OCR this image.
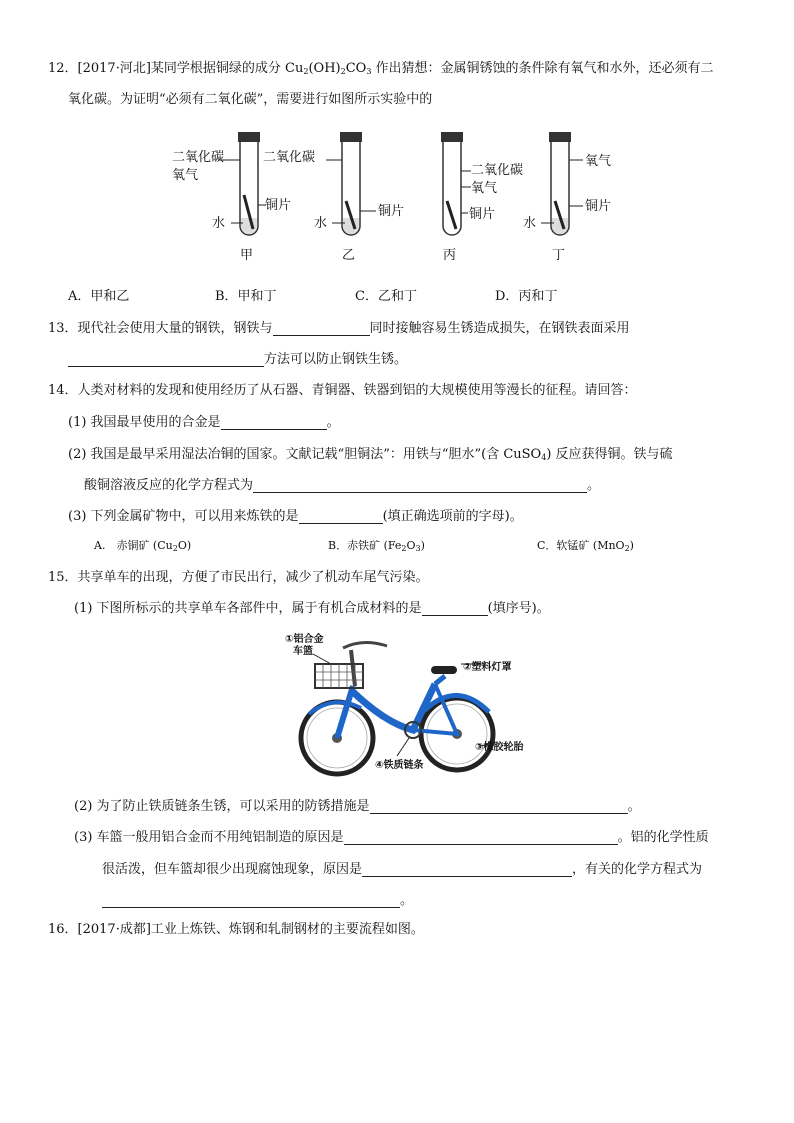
12．[2017·河北]某同学根据铜绿的成分 $Cu_2(OH)_2CO_3$ 作出猜想：金属铜锈蚀的条件除有氧气和水外，还必须有二
氧化碳。为证明“必须有二氧化碳”，需要进行如图所示实验中的
二氧化碳
氧气
铜片
水
甲
二氧化碳
铜片
水
乙
二氧化碳
氧气
铜片
丙
氧气
铜片
水
丁
A．甲和乙	B．甲和丁	C．乙和丁	D．丙和丁
13．现代社会使用大量的钢铁，钢铁与	同时接触容易生锈造成损失，在钢铁表面采用
方法可以防止钢铁生锈。
14．人类对材料的发现和使用经历了从石器、青铜器、铁器到铝的大规模使用等漫长的征程。请回答：
(1) 我国最早使用的合金是	。
(2) 我国是最早采用湿法冶铜的国家。文献记载“胆铜法”：用铁与“胆水”(含 CuSO$_4$) 反应获得铜。铁与硫
酸铜溶液反应的化学方程式为	。
(3) 下列金属矿物中，可以用来炼铁的是	(填正确选项前的字母)。
A.　赤铜矿 $(Cu_2O)$	B．赤铁矿 $(Fe_2O_3)$	C．软锰矿 (MnO$_2$)
15．共享单车的出现，方便了市民出行，减少了机动车尾气污染。
(1) 下图所标示的共享单车各部件中，属于有机合成材料的是	(填序号)。
①铝合金
车篮
②塑料灯罩
③橡胶轮胎
④铁质链条
(2) 为了防止铁质链条生锈，可以采用的防锈措施是	。
(3) 车篮一般用铝合金而不用纯铝制造的原因是	。铝的化学性质
很活泼，但车篮却很少出现腐蚀现象，原因是	，有关的化学方程式为
。
16．[2017·成都]工业上炼铁、炼钢和轧制钢材的主要流程如图。
